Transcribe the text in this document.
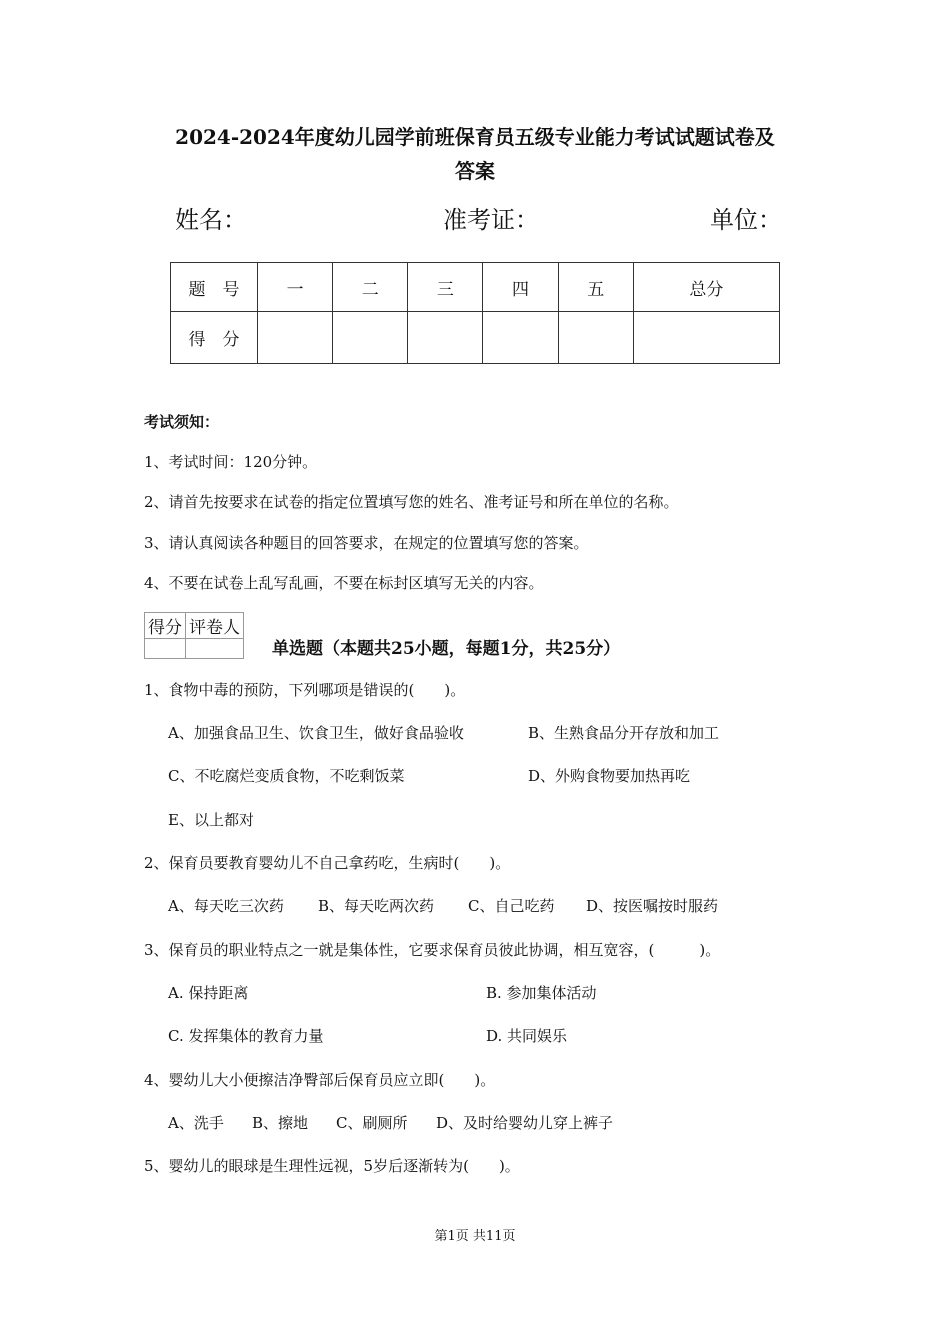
2024-2024年度幼儿园学前班保育员五级专业能力考试试题试卷及
答案
姓名：	准考证：	单位：
题　号	一	二	三	四	五	总分
得　分						
考试须知：
1、考试时间：120分钟。
2、请首先按要求在试卷的指定位置填写您的姓名、准考证号和所在单位的名称。
3、请认真阅读各种题目的回答要求，在规定的位置填写您的答案。
4、不要在试卷上乱写乱画，不要在标封区填写无关的内容。
得分	评卷人

单选题（本题共25小题，每题1分，共25分）
1、食物中毒的预防，下列哪项是错误的(　　)。
A、加强食品卫生、饮食卫生，做好食品验收	B、生熟食品分开存放和加工
C、不吃腐烂变质食物，不吃剩饭菜	D、外购食物要加热再吃
E、以上都对
2、保育员要教育婴幼儿不自己拿药吃，生病时(　　)。
A、每天吃三次药 B、每天吃两次药 C、自己吃药 D、按医嘱按时服药
3、保育员的职业特点之一就是集体性，它要求保育员彼此协调，相互宽容，(　　　)。
A. 保持距离	B. 参加集体活动
C. 发挥集体的教育力量	D. 共同娱乐
4、婴幼儿大小便擦洁净臀部后保育员应立即(　　)。
A、洗手 B、擦地 C、刷厕所 D、及时给婴幼儿穿上裤子
5、婴幼儿的眼球是生理性远视，5岁后逐渐转为(　　)。
第1页 共11页
